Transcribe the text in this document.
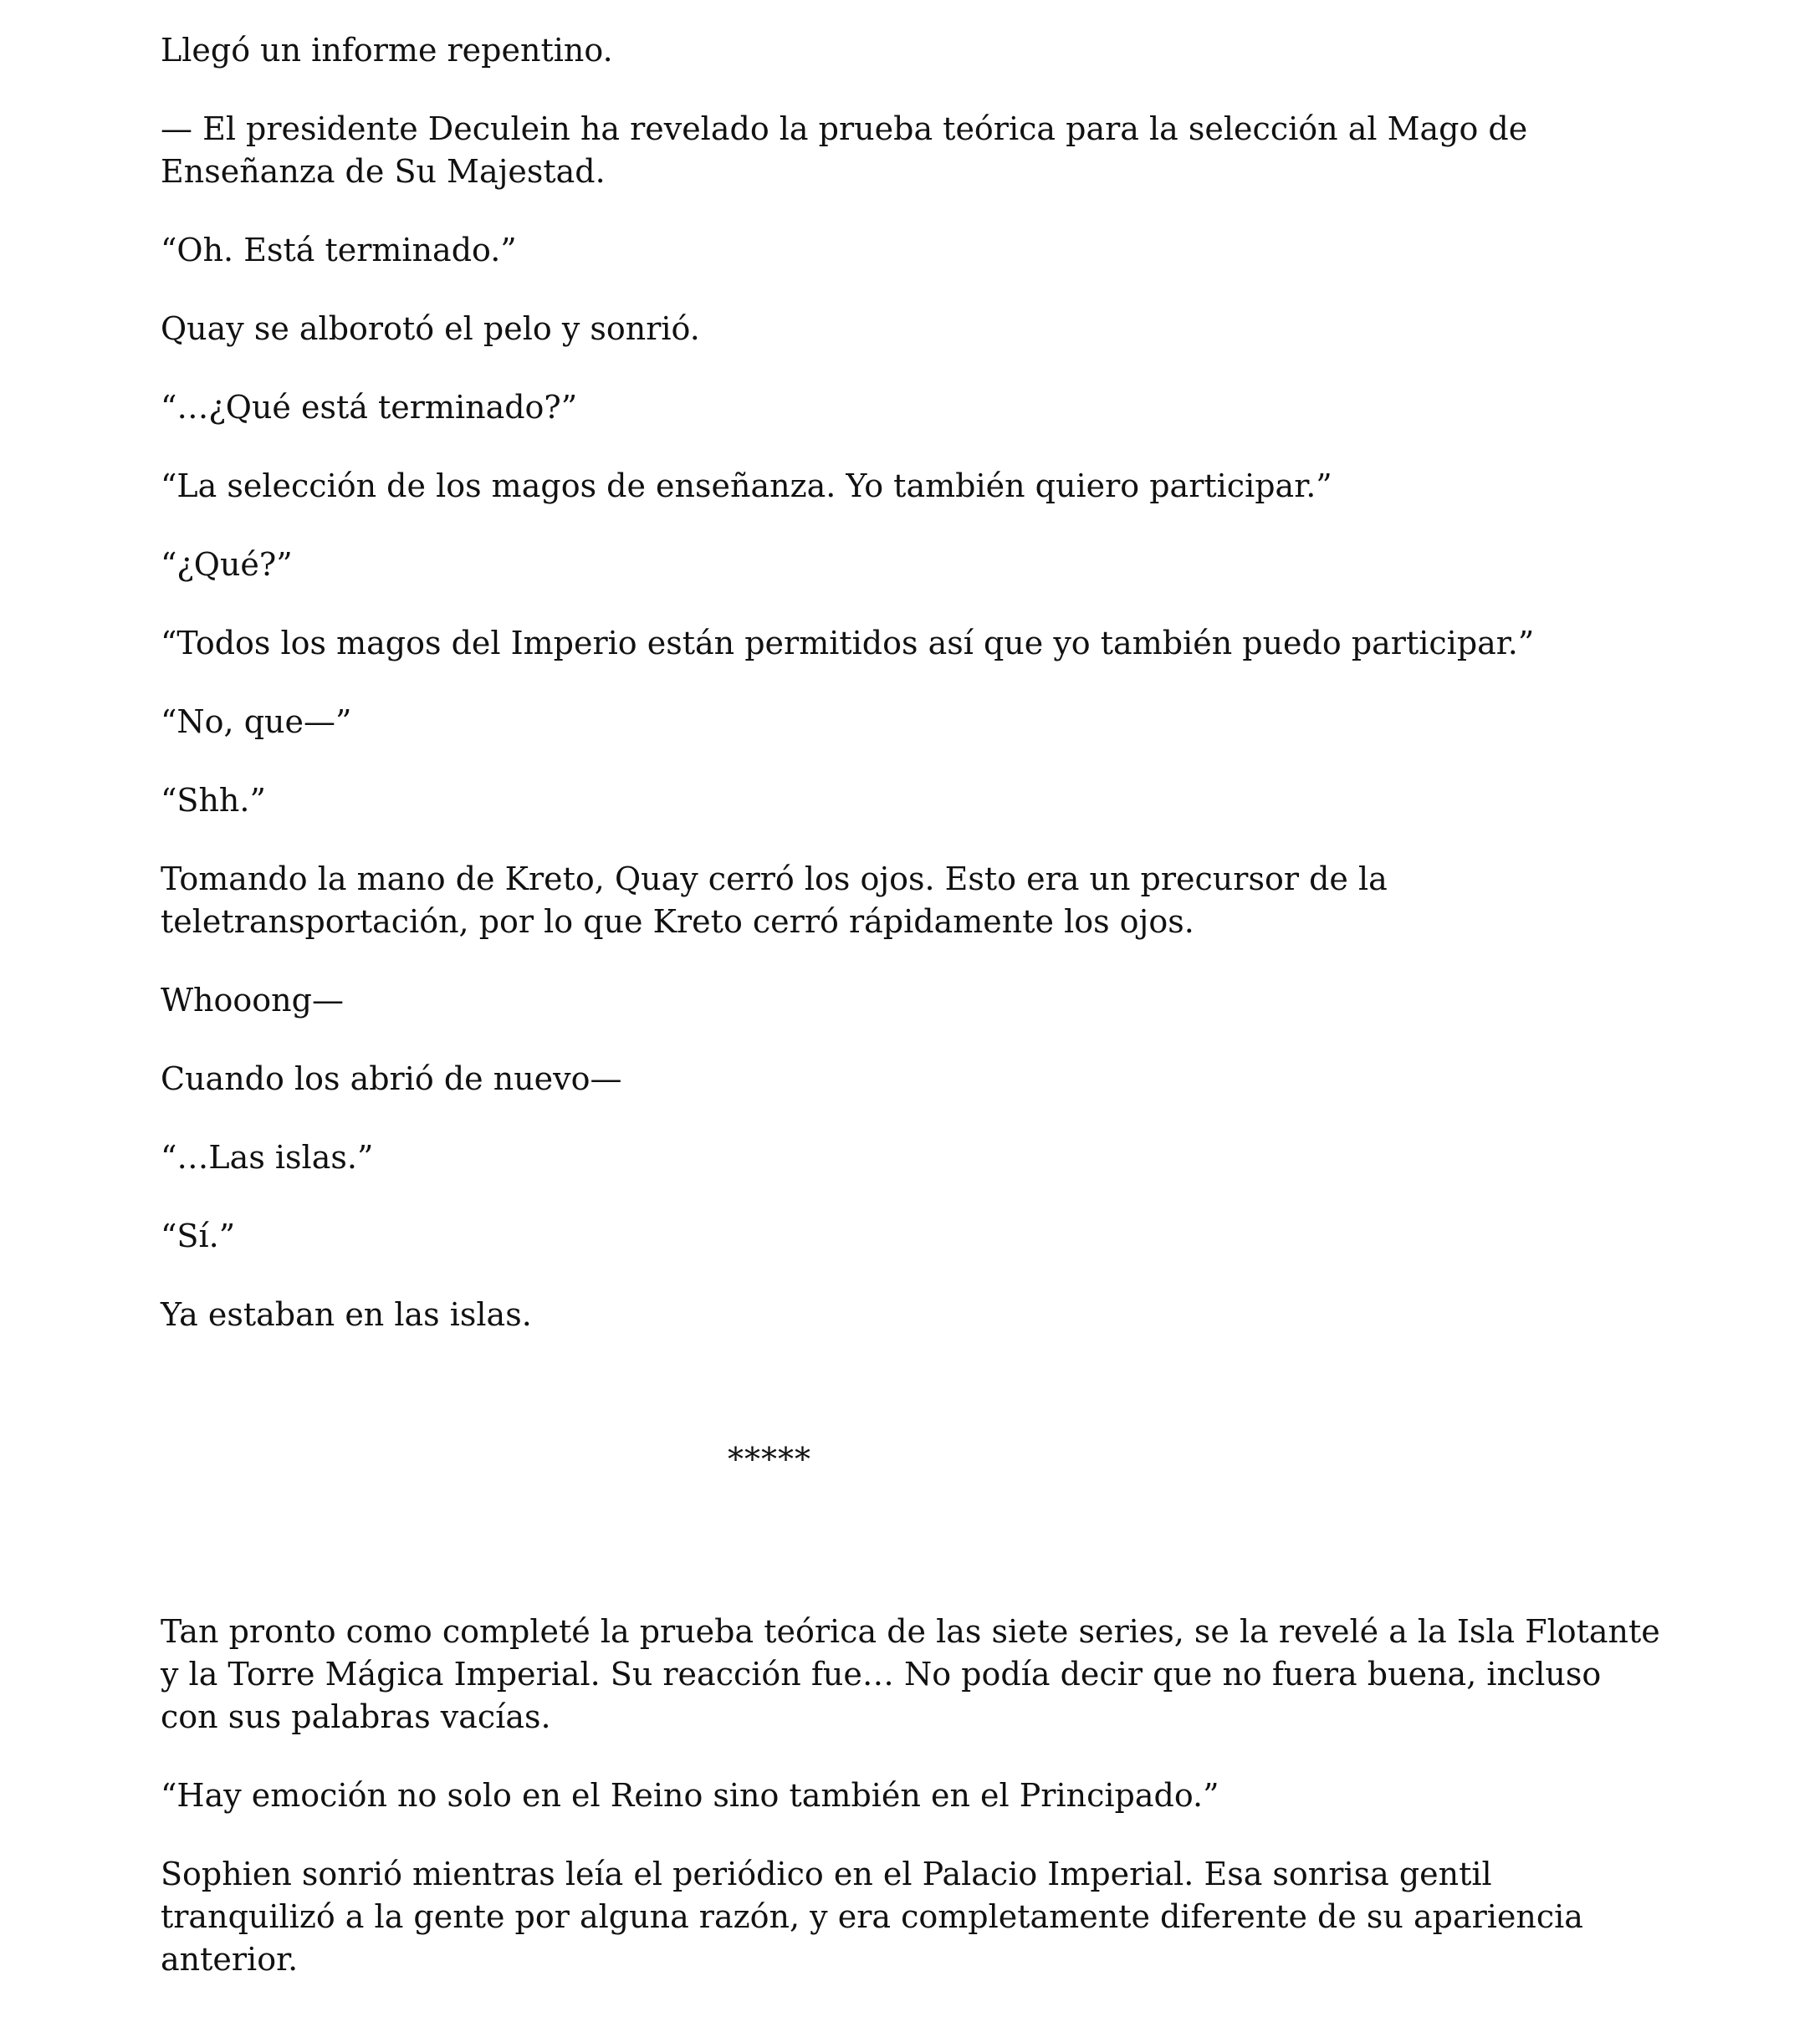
Llegó un informe repentino.

— El presidente Deculein ha revelado la prueba teórica para la selección al Mago de Enseñanza de Su Majestad.

“Oh. Está terminado.”

Quay se alborotó el pelo y sonrió.

“…¿Qué está terminado?”

“La selección de los magos de enseñanza. Yo también quiero participar.”

“¿Qué?”

“Todos los magos del Imperio están permitidos así que yo también puedo participar.”

“No, que—”

“Shh.”

Tomando la mano de Kreto, Quay cerró los ojos. Esto era un precursor de la teletransportación, por lo que Kreto cerró rápidamente los ojos.

Whooong—

Cuando los abrió de nuevo—

“…Las islas.”

“Sí.”

Ya estaban en las islas.

*****

Tan pronto como completé la prueba teórica de las siete series, se la revelé a la Isla Flotante y la Torre Mágica Imperial. Su reacción fue… No podía decir que no fuera buena, incluso con sus palabras vacías.

“Hay emoción no solo en el Reino sino también en el Principado.”

Sophien sonrió mientras leía el periódico en el Palacio Imperial. Esa sonrisa gentil tranquilizó a la gente por alguna razón, y era completamente diferente de su apariencia anterior.
